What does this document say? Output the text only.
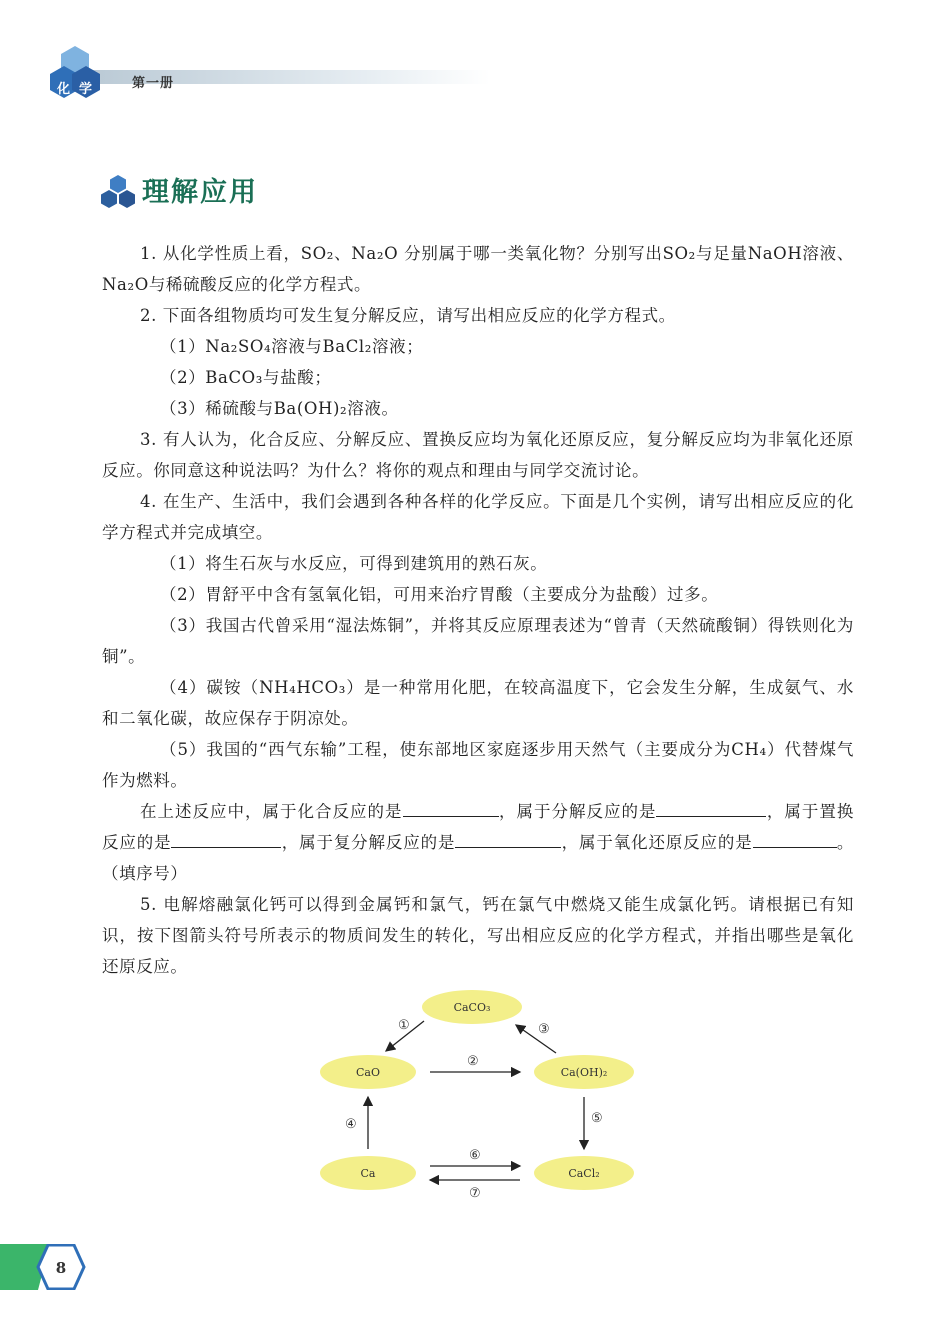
化 学	第一册
理解应用

1. 从化学性质上看，SO₂、Na₂O 分别属于哪一类氧化物？分别写出SO₂与足量NaOH溶液、Na₂O与稀硫酸反应的化学方程式。

2. 下面各组物质均可发生复分解反应，请写出相应反应的化学方程式。

（1）Na₂SO₄溶液与BaCl₂溶液；

（2）BaCO₃与盐酸；

（3）稀硫酸与Ba(OH)₂溶液。

3. 有人认为，化合反应、分解反应、置换反应均为氧化还原反应，复分解反应均为非氧化还原反应。你同意这种说法吗？为什么？将你的观点和理由与同学交流讨论。

4. 在生产、生活中，我们会遇到各种各样的化学反应。下面是几个实例，请写出相应反应的化学方程式并完成填空。

（1）将生石灰与水反应，可得到建筑用的熟石灰。

（2）胃舒平中含有氢氧化铝，可用来治疗胃酸（主要成分为盐酸）过多。

（3）我国古代曾采用“湿法炼铜”，并将其反应原理表述为“曾青（天然硫酸铜）得铁则化为铜”。

（4）碳铵（NH₄HCO₃）是一种常用化肥，在较高温度下，它会发生分解，生成氨气、水和二氧化碳，故应保存于阴凉处。

（5）我国的“西气东输”工程，使东部地区家庭逐步用天然气（主要成分为CH₄）代替煤气作为燃料。

在上述反应中，属于化合反应的是	，属于分解反应的是	，属于置换反应的是	，属于复分解反应的是	，属于氧化还原反应的是	。（填序号）

5. 电解熔融氯化钙可以得到金属钙和氯气，钙在氯气中燃烧又能生成氯化钙。请根据已有知识，按下图箭头符号所表示的物质间发生的转化，写出相应反应的化学方程式，并指出哪些是氧化还原反应。

CaCO₃
CaO	Ca(OH)₂
Ca	CaCl₂
①
②
③
④	⑤
⑥
⑦
8
